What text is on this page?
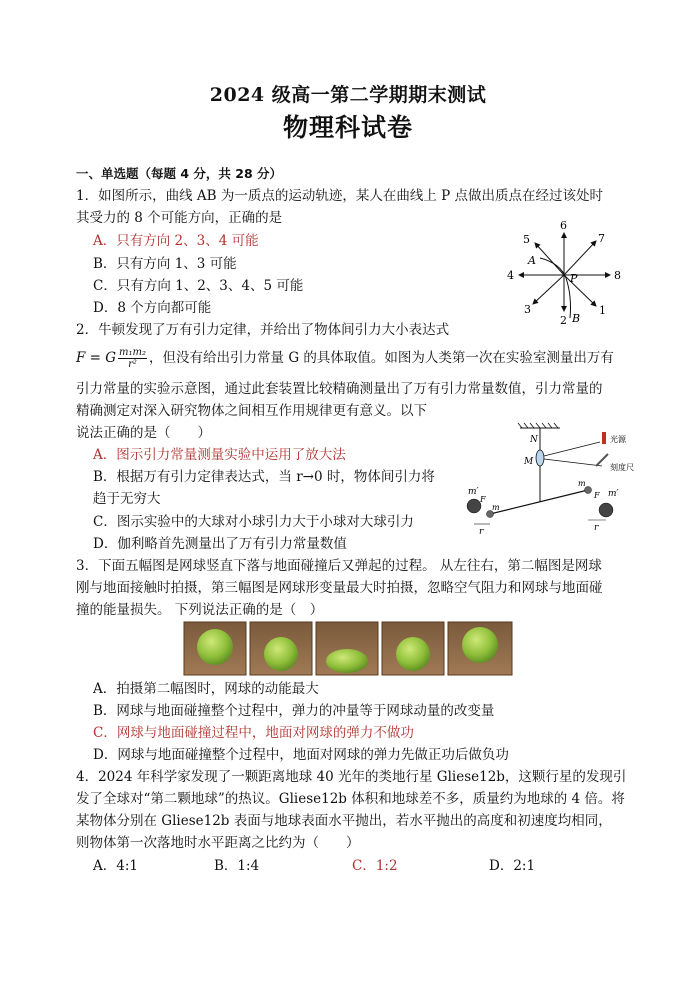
2024 级高一第二学期期末测试
物理科试卷
一、单选题（每题 4 分，共 28 分）
1．如图所示，曲线 AB 为一质点的运动轨迹，某人在曲线上 P 点做出质点在经过该处时
其受力的 8 个可能方向，正确的是
A．只有方向 2、3、4 可能
B．只有方向 1、3 可能
C．只有方向 1、2、3、4、5 可能
D．8 个方向都可能	1
2
3
4
5
6
7
8
A
B
P
2．牛顿发现了万有引力定律，并给出了物体间引力大小表达式
F = G $\frac{\text{m₁m₂}}{\text{r²}}$ ，但没有给出引力常量 G 的具体取值。如图为人类第一次在实验室测量出万有
引力常量的实验示意图，通过此套装置比较精确测量出了万有引力常量数值，引力常量的
精确测定对深入研究物体之间相互作用规律更有意义。以下
说法正确的是（　　）
A．图示引力常量测量实验中运用了放大法
B．根据万有引力定律表达式，当 r→0 时，物体间引力将
趋于无穷大
C．图示实验中的大球对小球引力大于小球对大球引力
D．伽利略首先测量出了万有引力常量数值
N
M
光源
刻度尺
m′	m′
m
m
F	F
r	r
3．下面五幅图是网球竖直下落与地面碰撞后又弹起的过程。 从左往右，第二幅图是网球
刚与地面接触时拍摄，第三幅图是网球形变量最大时拍摄，忽略空气阻力和网球与地面碰
撞的能量损失。 下列说法正确的是（　）
A．拍摄第二幅图时，网球的动能最大
B．网球与地面碰撞整个过程中，弹力的冲量等于网球动量的改变量
C．网球与地面碰撞过程中，地面对网球的弹力不做功
D．网球与地面碰撞整个过程中，地面对网球的弹力先做正功后做负功
4．2024 年科学家发现了一颗距离地球 40 光年的类地行星 Gliese12b，这颗行星的发现引
发了全球对“第二颗地球”的热议。Gliese12b 体积和地球差不多，质量约为地球的 4 倍。将
某物体分别在 Gliese12b 表面与地球表面水平抛出，若水平抛出的高度和初速度均相同，
则物体第一次落地时水平距离之比约为（　　）
A．4:1	B．1:4	C．1:2	D．2:1
